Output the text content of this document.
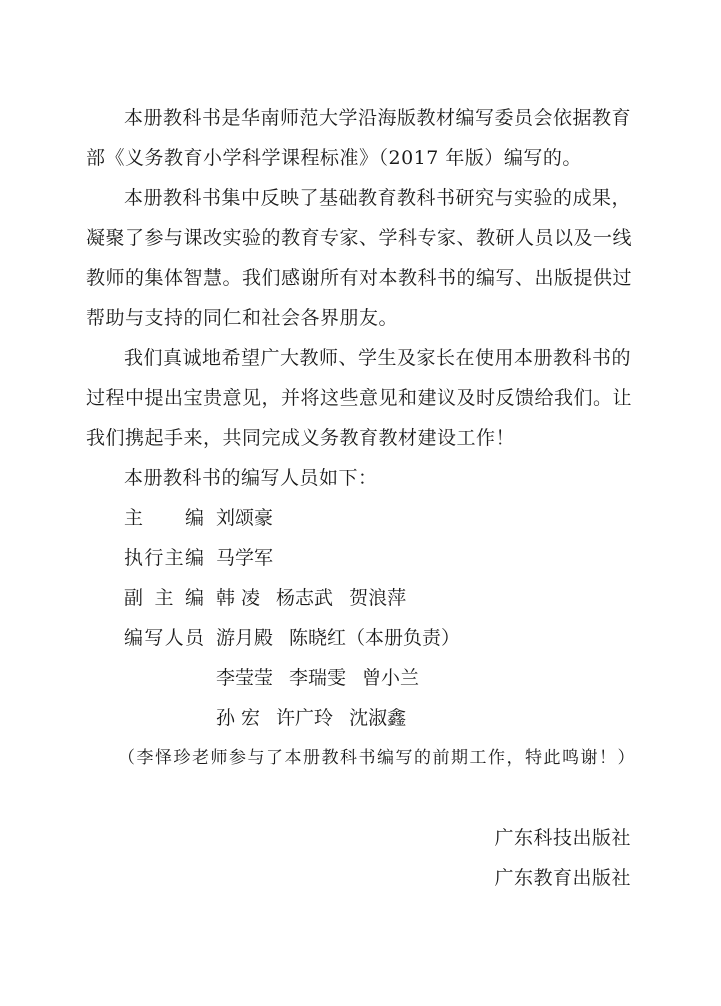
本册教科书是华南师范大学沿海版教材编写委员会依据教育部《义务教育小学科学课程标准》（2017 年版）编写的。

本册教科书集中反映了基础教育教科书研究与实验的成果，凝聚了参与课改实验的教育专家、学科专家、教研人员以及一线教师的集体智慧。我们感谢所有对本教科书的编写、出版提供过帮助与支持的同仁和社会各界朋友。

我们真诚地希望广大教师、学生及家长在使用本册教科书的过程中提出宝贵意见，并将这些意见和建议及时反馈给我们。让我们携起手来，共同完成义务教育教材建设工作！

本册教科书的编写人员如下：
主 编 刘颂豪
执 行 主 编 马学军
副 主 编 韩 凌 杨志武 贺浪萍
编 写 人 员 游月殿 陈晓红（本册负责）
李莹莹 李瑞雯 曾小兰
孙 宏 许广玲 沈淑鑫
（李怿珍老师参与了本册教科书编写的前期工作，特此鸣谢！）
广东科技出版社
广东教育出版社
